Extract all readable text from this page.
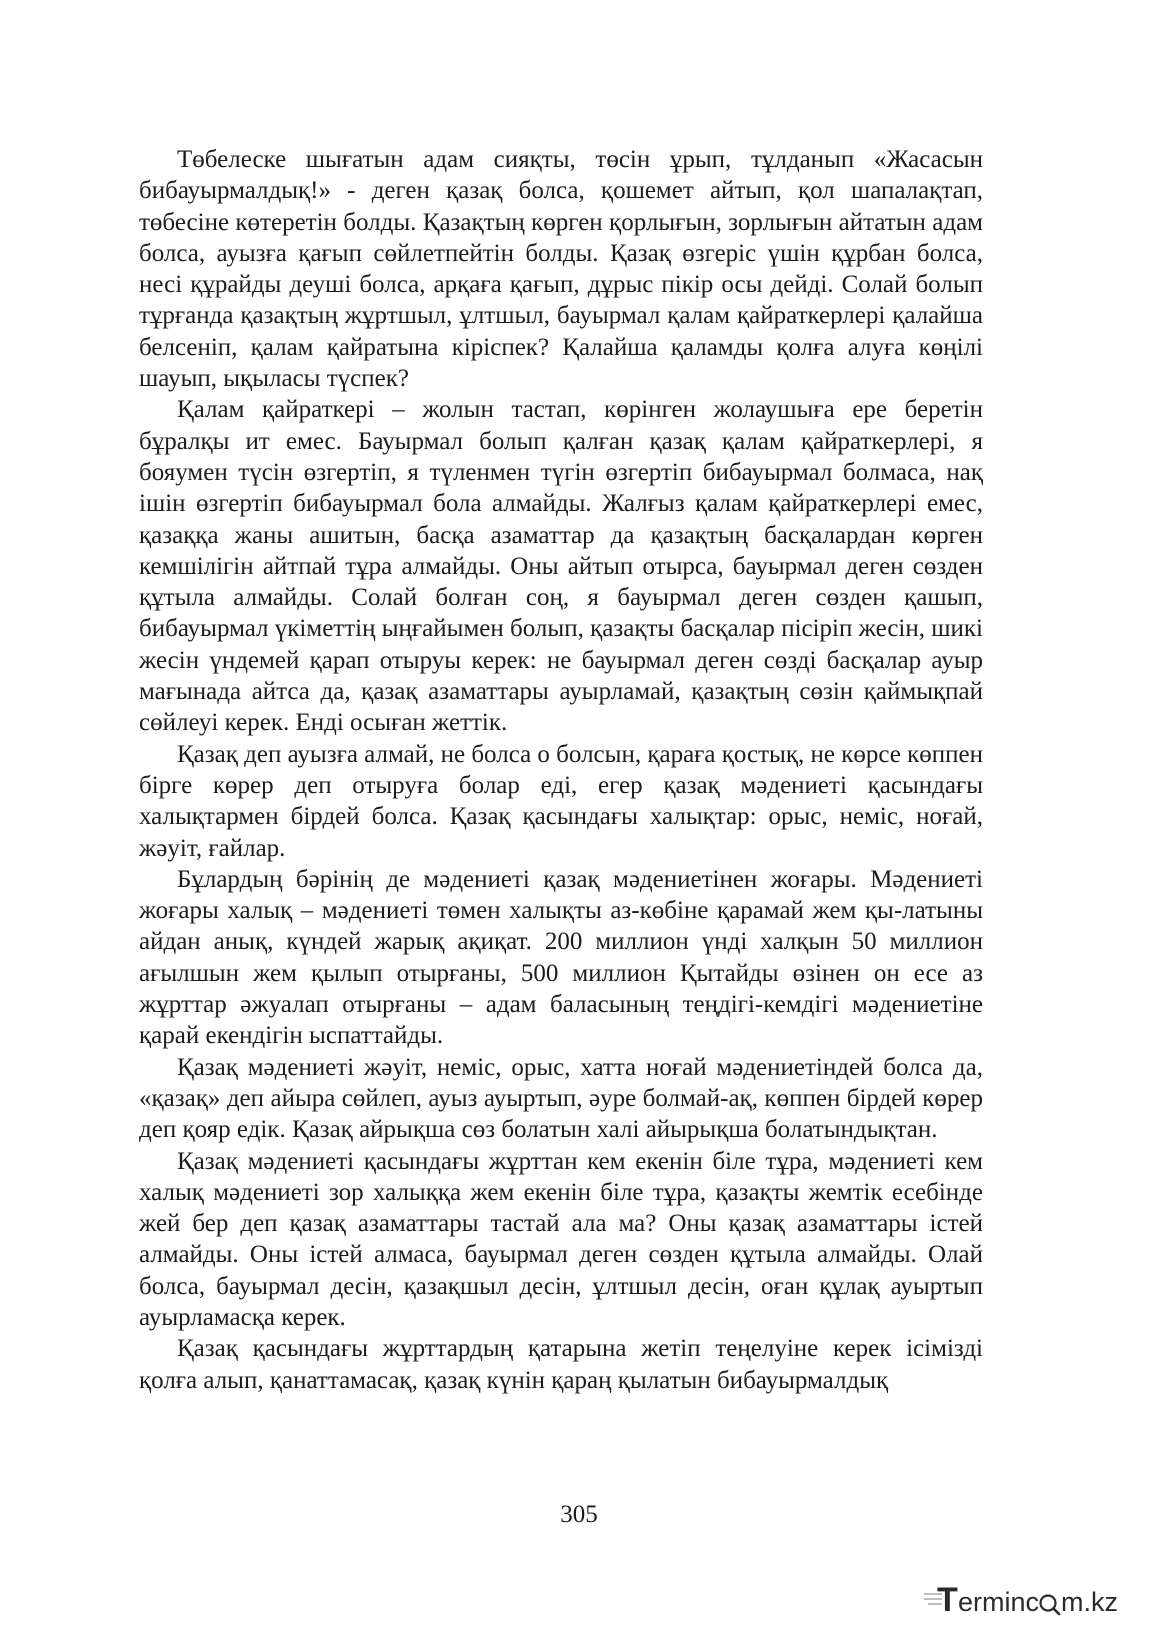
Төбелеске шығатын адам сияқты, төсін ұрып, тұлданып «Жасасын бибауырмалдық!» - деген қазақ болса, қошемет айтып, қол шапалақтап, төбесіне көтеретін болды. Қазақтың көрген қорлығын, зорлығын айтатын адам болса, ауызға қағып сөйлетпейтін болды. Қазақ өзгеріс үшін құрбан болса, несі құрайды деуші болса, арқаға қағып, дұрыс пікір осы дейді. Солай болып тұрғанда қазақтың жұртшыл, ұлтшыл, бауырмал қалам қайраткерлері қалайша белсеніп, қалам қайратына кіріспек? Қалайша қаламды қолға алуға көңілі шауып, ықыласы түспек?

Қалам қайраткері – жолын тастап, көрінген жолаушыға ере беретін бұралқы ит емес. Бауырмал болып қалған қазақ қалам қайраткерлері, я бояумен түсін өзгертіп, я түленмен түгін өзгертіп бибауырмал болмаса, нақ ішін өзгертіп бибауырмал бола алмайды. Жалғыз қалам қайраткерлері емес, қазаққа жаны ашитын, басқа азаматтар да қазақтың басқалардан көрген кемшілігін айтпай тұра алмайды. Оны айтып отырса, бауырмал деген сөзден құтыла алмайды. Солай болған соң, я бауырмал деген сөзден қашып, бибауырмал үкіметтің ыңғайымен болып, қазақты басқалар пісіріп жесін, шикі жесін үндемей қарап отыруы керек: не бауырмал деген сөзді басқалар ауыр мағынада айтса да, қазақ азаматтары ауырламай, қазақтың сөзін қаймықпай сөйлеуі керек. Енді осыған жеттік.

Қазақ деп ауызға алмай, не болса о болсын, қараға қостық, не көрсе көппен бірге көрер деп отыруға болар еді, егер қазақ мәдениеті қасындағы халықтармен бірдей болса. Қазақ қасындағы халықтар: орыс, неміс, ноғай, жәуіт, ғайлар.

Бұлардың бәрінің де мәдениеті қазақ мәдениетінен жоғары. Мәдениеті жоғары халық – мәдениеті төмен халықты аз-көбіне қарамай жем қы-латыны айдан анық, күндей жарық ақиқат. 200 миллион үнді халқын 50 миллион ағылшын жем қылып отырғаны, 500 миллион Қытайды өзінен он есе аз жұрттар әжуалап отырғаны – адам баласының теңдігі-кемдігі мәдениетіне қарай екендігін ыспаттайды.

Қазақ мәдениеті жәуіт, неміс, орыс, хатта ноғай мәдениетіндей болса да, «қазақ» деп айыра сөйлеп, ауыз ауыртып, әуре болмай-ақ, көппен бірдей көрер деп қояр едік. Қазақ айрықша сөз болатын халі айырықша болатындықтан.

Қазақ мәдениеті қасындағы жұрттан кем екенін біле тұра, мәдениеті кем халық мәдениеті зор халыққа жем екенін біле тұра, қазақты жемтік есебінде жей бер деп қазақ азаматтары тастай ала ма? Оны қазақ азаматтары істей алмайды. Оны істей алмаса, бауырмал деген сөзден құтыла алмайды. Олай болса, бауырмал десін, қазақшыл десін, ұлтшыл десін, оған құлақ ауыртып ауырламасқа керек.

Қазақ қасындағы жұрттардың қатарына жетіп теңелуіне керек ісімізді қолға алып, қанаттамасақ, қазақ күнін қараң қылатын бибауырмалдық

305
T erminc m.kz
